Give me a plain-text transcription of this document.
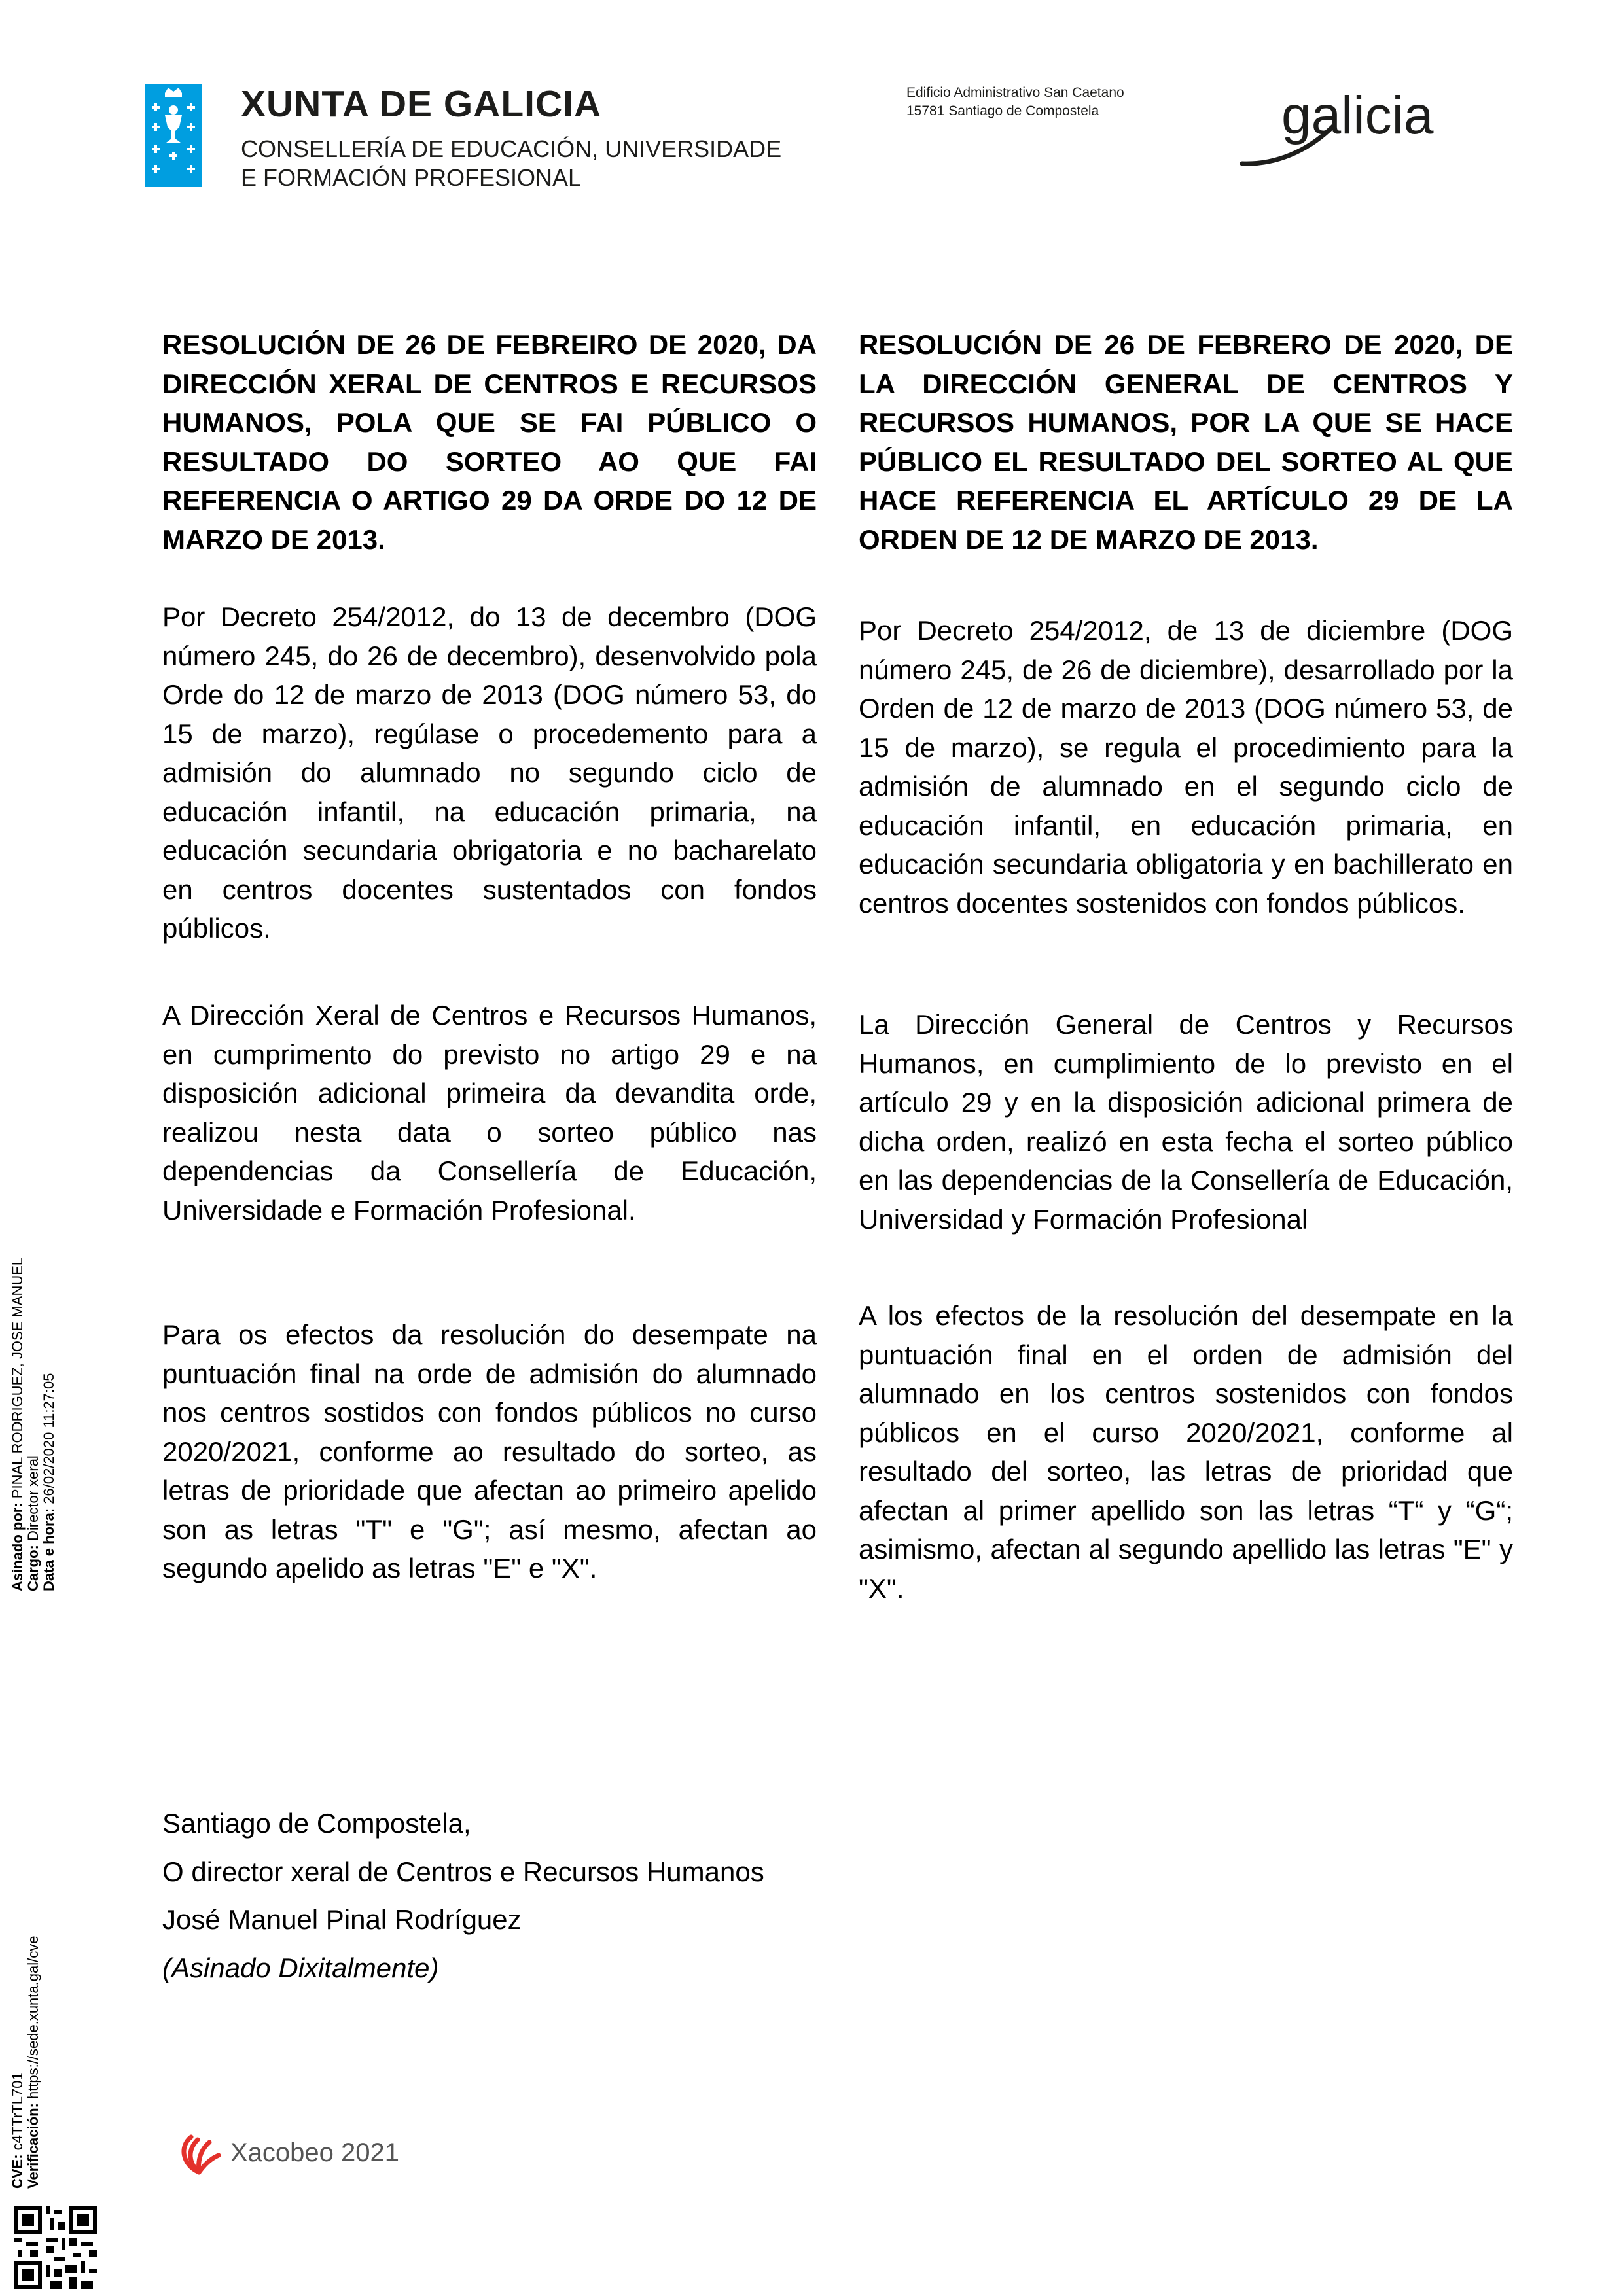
XUNTA DE GALICIA
CONSELLERÍA DE EDUCACIÓN, UNIVERSIDADE
E FORMACIÓN PROFESIONAL
Edificio Administrativo San Caetano
15781 Santiago de Compostela	galicia

RESOLUCIÓN DE 26 DE FEBREIRO DE 2020, DA DIRECCIÓN XERAL DE CENTROS E RECURSOS HUMANOS, POLA QUE SE FAI PÚBLICO O RESULTADO DO SORTEO AO QUE FAI REFERENCIA O ARTIGO 29 DA ORDE DO 12 DE MARZO DE 2013.

Por Decreto 254/2012, do 13 de decembro (DOG número 245, do 26 de decembro), desenvolvido pola Orde do 12 de marzo de 2013 (DOG número 53, do 15 de marzo), regúlase o procedemento para a admisión do alumnado no segundo ciclo de educación infantil, na educación primaria, na educación secundaria obrigatoria e no bacharelato en centros docentes sustentados con fondos públicos.
A Dirección Xeral de Centros e Recursos Humanos, en cumprimento do previsto no artigo 29 e na disposición adicional primeira da devandita orde, realizou nesta data o sorteo público nas dependencias da Consellería de Educación, Universidade e Formación Profesional.
Para os efectos da resolución do desempate na puntuación final na orde de admisión do alumnado nos centros sostidos con fondos públicos no curso 2020/2021, conforme ao resultado do sorteo, as letras de prioridade que afectan ao primeiro apelido son as letras "T" e "G"; así mesmo, afectan ao segundo apelido as letras "E" e "X".

RESOLUCIÓN DE 26 DE FEBRERO DE 2020, DE LA DIRECCIÓN GENERAL DE CENTROS Y RECURSOS HUMANOS, POR LA QUE SE HACE PÚBLICO EL RESULTADO DEL SORTEO AL QUE HACE REFERENCIA EL ARTÍCULO 29 DE LA ORDEN DE 12 DE MARZO DE 2013.

Por Decreto 254/2012, de 13 de diciembre (DOG número 245, de 26 de diciembre), desarrollado por la Orden de 12 de marzo de 2013 (DOG número 53, de 15 de marzo), se regula el procedimiento para la admisión de alumnado en el segundo ciclo de educación infantil, en educación primaria, en educación secundaria obligatoria y en bachillerato en centros docentes sostenidos con fondos públicos.
La Dirección General de Centros y Recursos Humanos, en cumplimiento de lo previsto en el artículo 29 y en la disposición adicional primera de dicha orden, realizó en esta fecha el sorteo público en las dependencias de la Consellería de Educación, Universidad y Formación Profesional
A los efectos de la resolución del desempate en la puntuación final en el orden de admisión del alumnado en los centros sostenidos con fondos públicos en el curso 2020/2021, conforme al resultado del sorteo, las letras de prioridad que afectan al primer apellido son las letras “T“ y “G“; asimismo, afectan al segundo apellido las letras "E" y "X".
Santiago de Compostela,
O director xeral de Centros e Recursos Humanos
José Manuel Pinal Rodríguez
(Asinado Dixitalmente)
Asinado por: PINAL RODRIGUEZ, JOSE MANUEL
Cargo: Director xeral
Data e hora: 26/02/2020 11:27:05
CVE: c4TTrTL701 Verificación: https://sede.xunta.gal/cve
Xacobeo 2021
